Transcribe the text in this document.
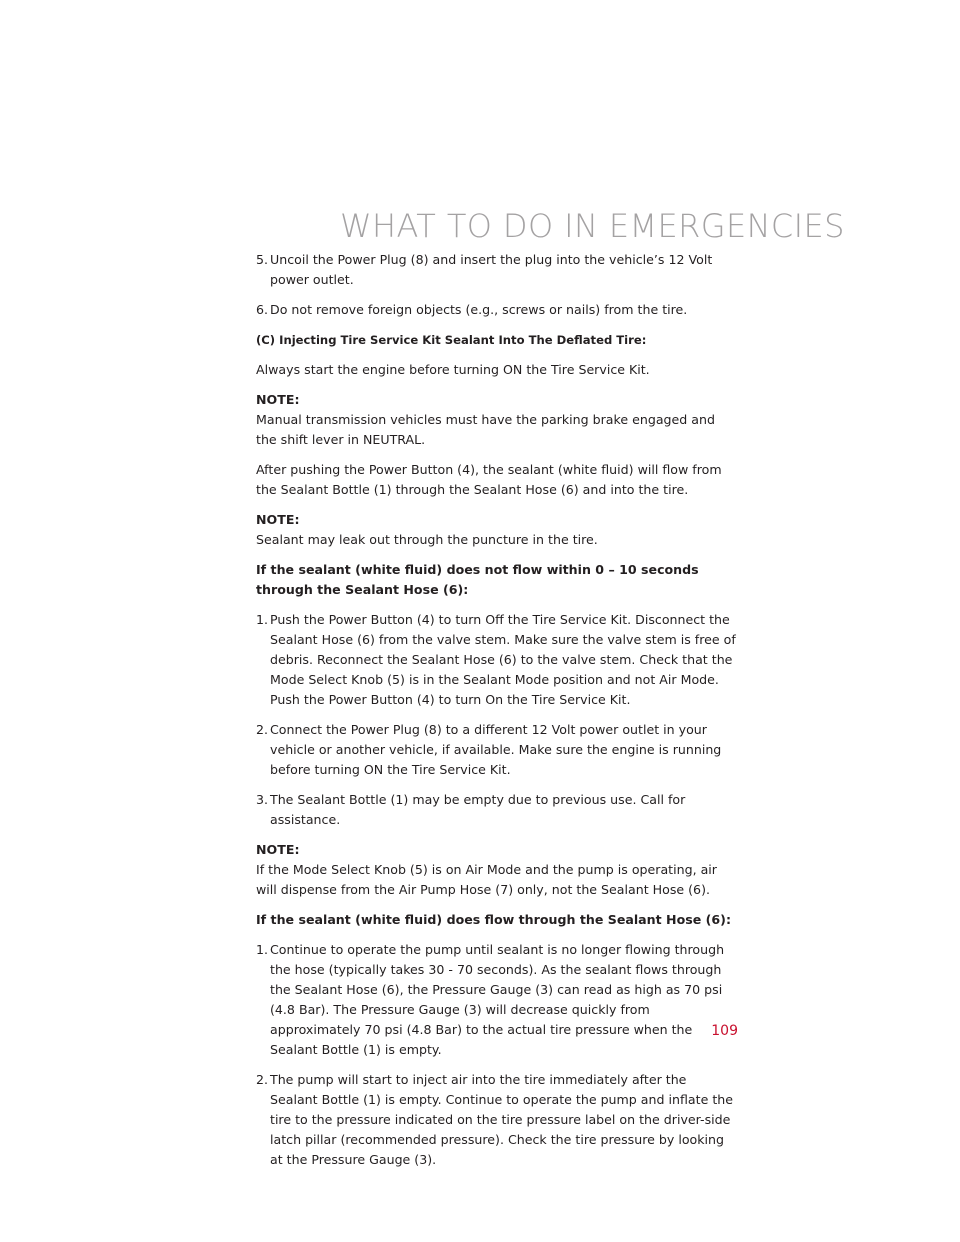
WHAT TO DO IN EMERGENCIES
5. Uncoil the Power Plug (8) and insert the plug into the vehicle’s 12 Volt power outlet.
6. Do not remove foreign objects (e.g., screws or nails) from the tire.
(C) Injecting Tire Service Kit Sealant Into The Deflated Tire:

Always start the engine before turning ON the Tire Service Kit.

NOTE:
Manual transmission vehicles must have the parking brake engaged and the shift lever in NEUTRAL.

After pushing the Power Button (4), the sealant (white fluid) will flow from the Sealant Bottle (1) through the Sealant Hose (6) and into the tire.

NOTE:
Sealant may leak out through the puncture in the tire.

If the sealant (white fluid) does not flow within 0 – 10 seconds through the Sealant Hose (6):

1. Push the Power Button (4) to turn Off the Tire Service Kit. Disconnect the Sealant Hose (6) from the valve stem. Make sure the valve stem is free of debris. Reconnect the Sealant Hose (6) to the valve stem. Check that the Mode Select Knob (5) is in the Sealant Mode position and not Air Mode. Push the Power Button (4) to turn On the Tire Service Kit.
2. Connect the Power Plug (8) to a different 12 Volt power outlet in your vehicle or another vehicle, if available. Make sure the engine is running before turning ON the Tire Service Kit.
3. The Sealant Bottle (1) may be empty due to previous use. Call for assistance.

NOTE:
If the Mode Select Knob (5) is on Air Mode and the pump is operating, air will dispense from the Air Pump Hose (7) only, not the Sealant Hose (6).

If the sealant (white fluid) does flow through the Sealant Hose (6):

1. Continue to operate the pump until sealant is no longer flowing through the hose (typically takes 30 - 70 seconds). As the sealant flows through the Sealant Hose (6), the Pressure Gauge (3) can read as high as 70 psi (4.8 Bar). The Pressure Gauge (3) will decrease quickly from approximately 70 psi (4.8 Bar) to the actual tire pressure when the Sealant Bottle (1) is empty.
2. The pump will start to inject air into the tire immediately after the Sealant Bottle (1) is empty. Continue to operate the pump and inflate the tire to the pressure indicated on the tire pressure label on the driver-side latch pillar (recommended pressure). Check the tire pressure by looking at the Pressure Gauge (3).
109
